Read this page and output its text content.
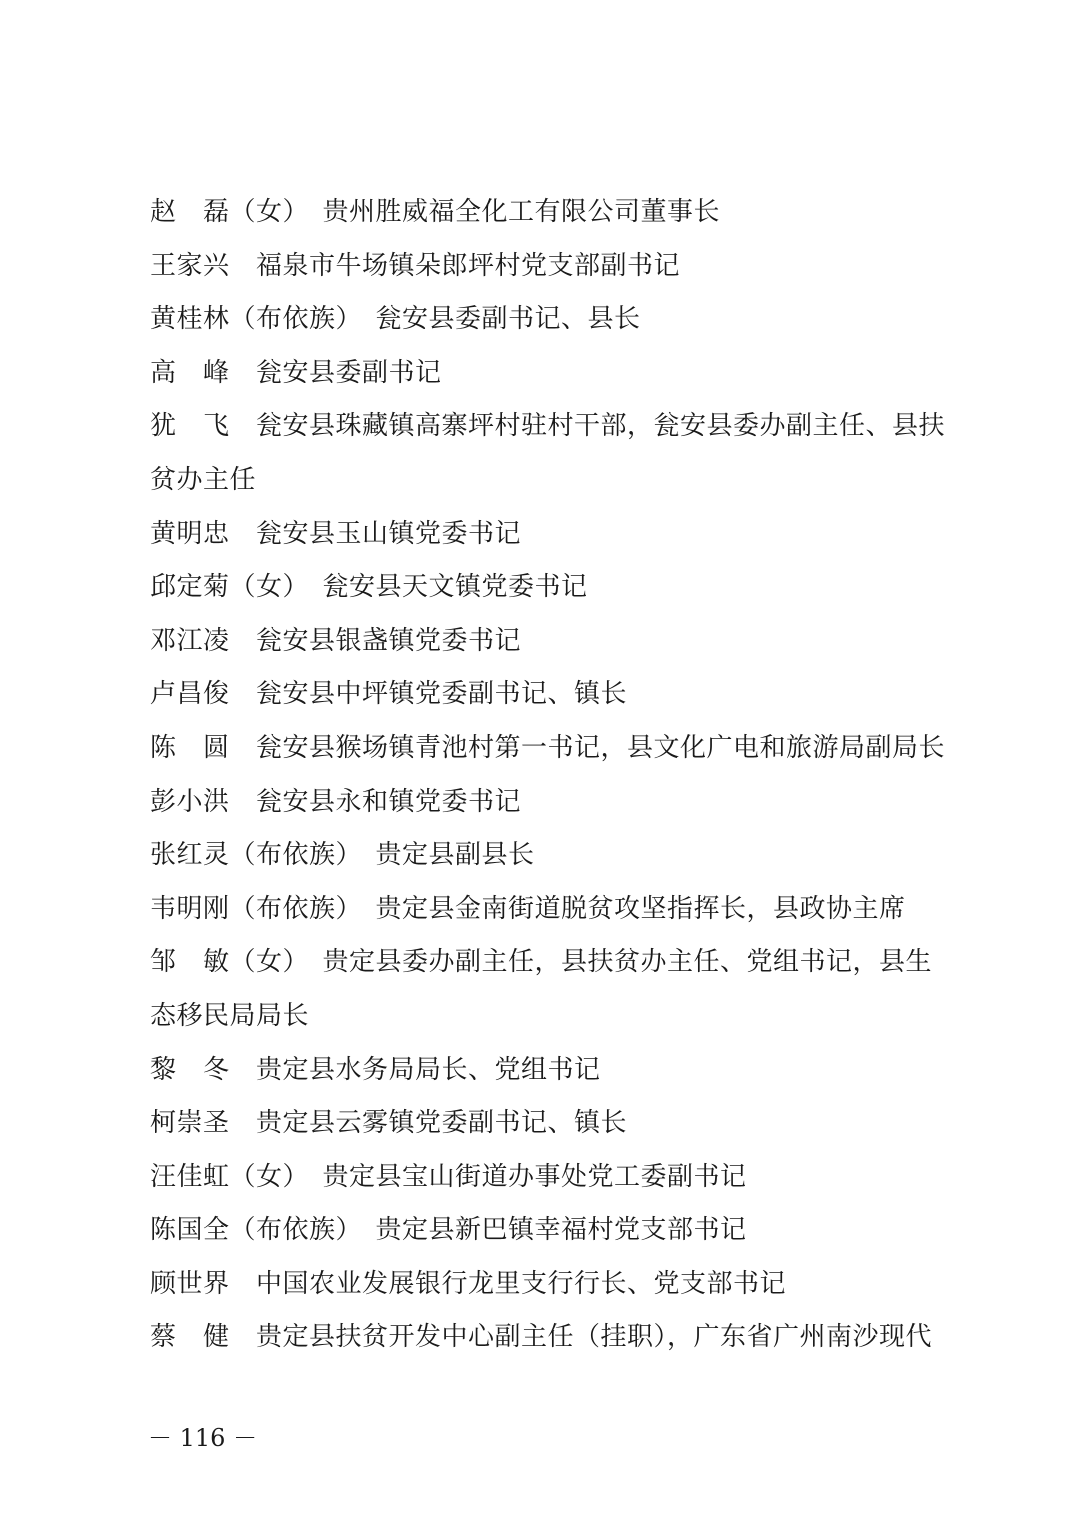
赵　磊（女）　贵州胜威福全化工有限公司董事长
王家兴　福泉市牛场镇朵郎坪村党支部副书记
黄桂林（布依族）　瓮安县委副书记、县长
高　峰　瓮安县委副书记
犹　飞　瓮安县珠藏镇高寨坪村驻村干部，瓮安县委办副主任、县扶
贫办主任
黄明忠　瓮安县玉山镇党委书记
邱定菊（女）　瓮安县天文镇党委书记
邓江凌　瓮安县银盏镇党委书记
卢昌俊　瓮安县中坪镇党委副书记、镇长
陈　圆　瓮安县猴场镇青池村第一书记，县文化广电和旅游局副局长
彭小洪　瓮安县永和镇党委书记
张红灵（布依族）　贵定县副县长
韦明刚（布依族）　贵定县金南街道脱贫攻坚指挥长，县政协主席
邹　敏（女）　贵定县委办副主任，县扶贫办主任、党组书记，县生
态移民局局长
黎　冬　贵定县水务局局长、党组书记
柯崇圣　贵定县云雾镇党委副书记、镇长
汪佳虹（女）　贵定县宝山街道办事处党工委副书记
陈国全（布依族）　贵定县新巴镇幸福村党支部书记
顾世界　中国农业发展银行龙里支行行长、党支部书记
蔡　健　贵定县扶贫开发中心副主任（挂职），广东省广州南沙现代
－ 116 －
